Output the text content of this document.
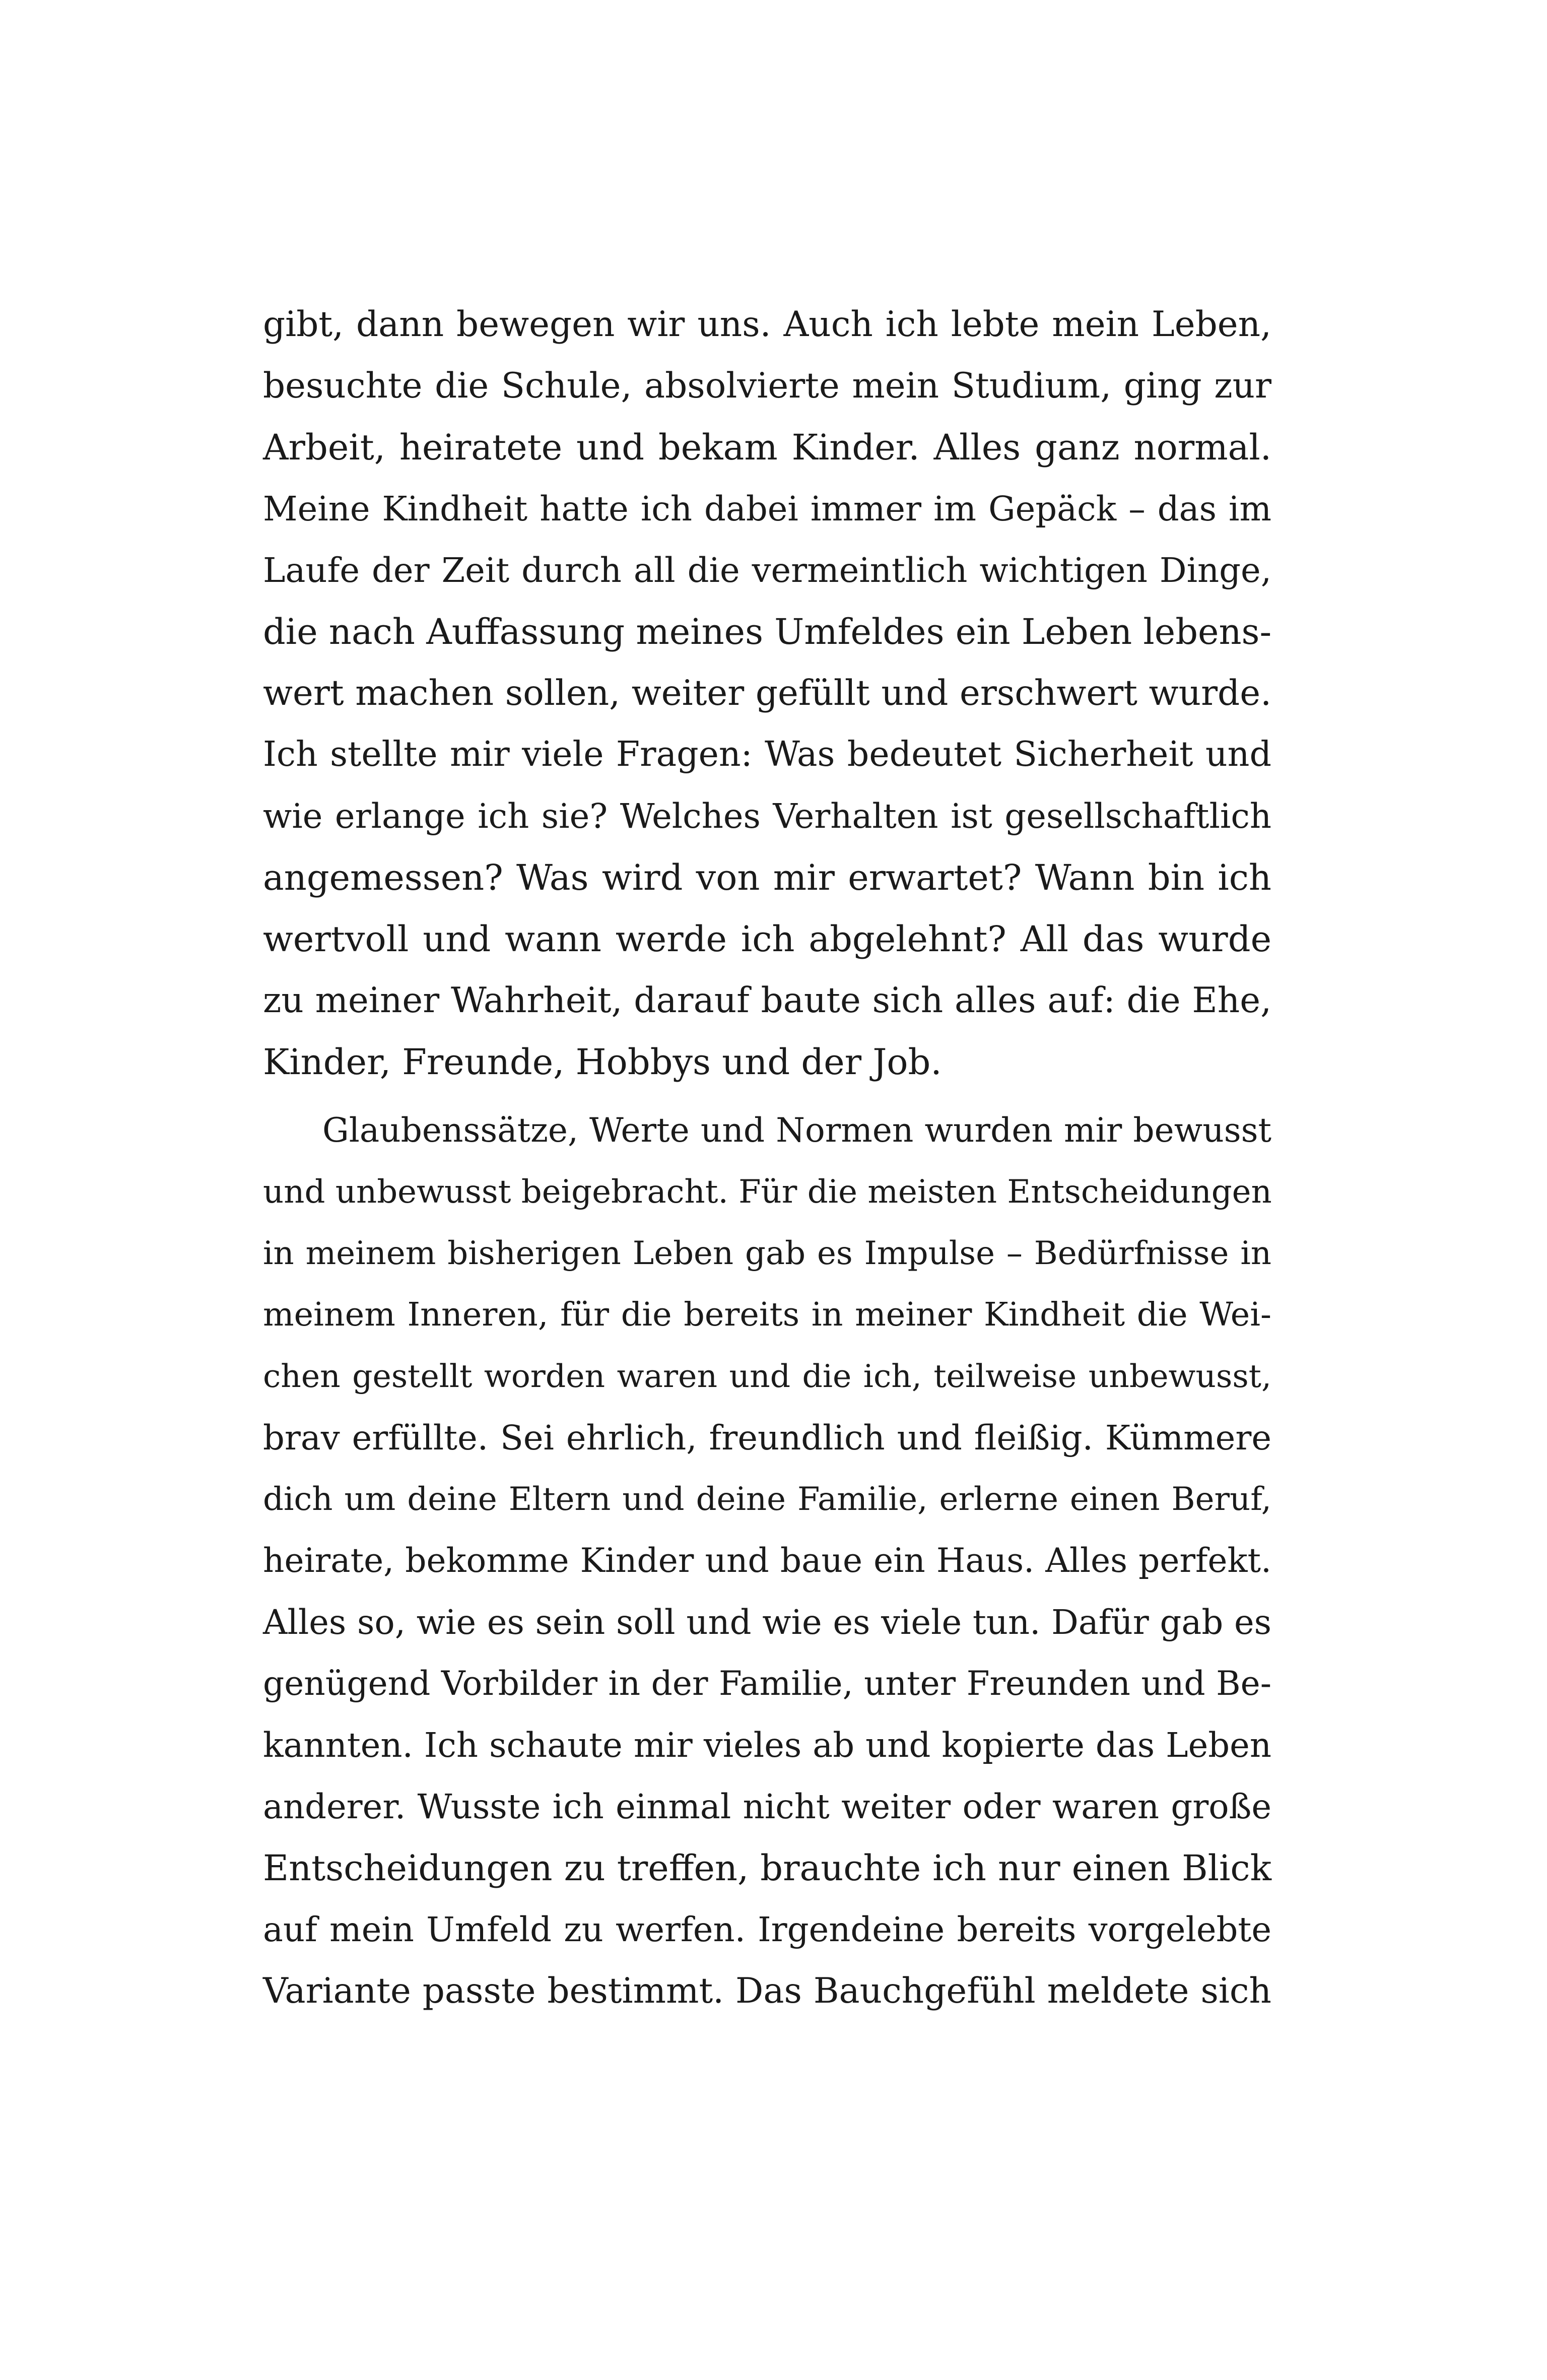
gibt, dann bewegen wir uns. Auch ich lebte mein Leben,
besuchte die Schule, absolvierte mein Studium, ging zur
Arbeit, heiratete und bekam Kinder. Alles ganz normal.
Meine Kindheit hatte ich dabei immer im Gepäck – das im
Laufe der Zeit durch all die vermeintlich wichtigen Dinge,
die nach Auffassung meines Umfeldes ein Leben lebens-
wert machen sollen, weiter gefüllt und erschwert wurde.
Ich stellte mir viele Fragen: Was bedeutet Sicherheit und
wie erlange ich sie? Welches Verhalten ist gesellschaftlich
angemessen? Was wird von mir erwartet? Wann bin ich
wertvoll und wann werde ich abgelehnt? All das wurde
zu meiner Wahrheit, darauf baute sich alles auf: die Ehe,
Kinder, Freunde, Hobbys und der Job.
Glaubenssätze, Werte und Normen wurden mir bewusst
und unbewusst beigebracht. Für die meisten Entscheidungen
in meinem bisherigen Leben gab es Impulse – Bedürfnisse in
meinem Inneren, für die bereits in meiner Kindheit die Wei-
chen gestellt worden waren und die ich, teilweise unbewusst,
brav erfüllte. Sei ehrlich, freundlich und fleißig. Kümmere
dich um deine Eltern und deine Familie, erlerne einen Beruf,
heirate, bekomme Kinder und baue ein Haus. Alles perfekt.
Alles so, wie es sein soll und wie es viele tun. Dafür gab es
genügend Vorbilder in der Familie, unter Freunden und Be-
kannten. Ich schaute mir vieles ab und kopierte das Leben
anderer. Wusste ich einmal nicht weiter oder waren große
Entscheidungen zu treffen, brauchte ich nur einen Blick
auf mein Umfeld zu werfen. Irgendeine bereits vorgelebte
Variante passte bestimmt. Das Bauchgefühl meldete sich
